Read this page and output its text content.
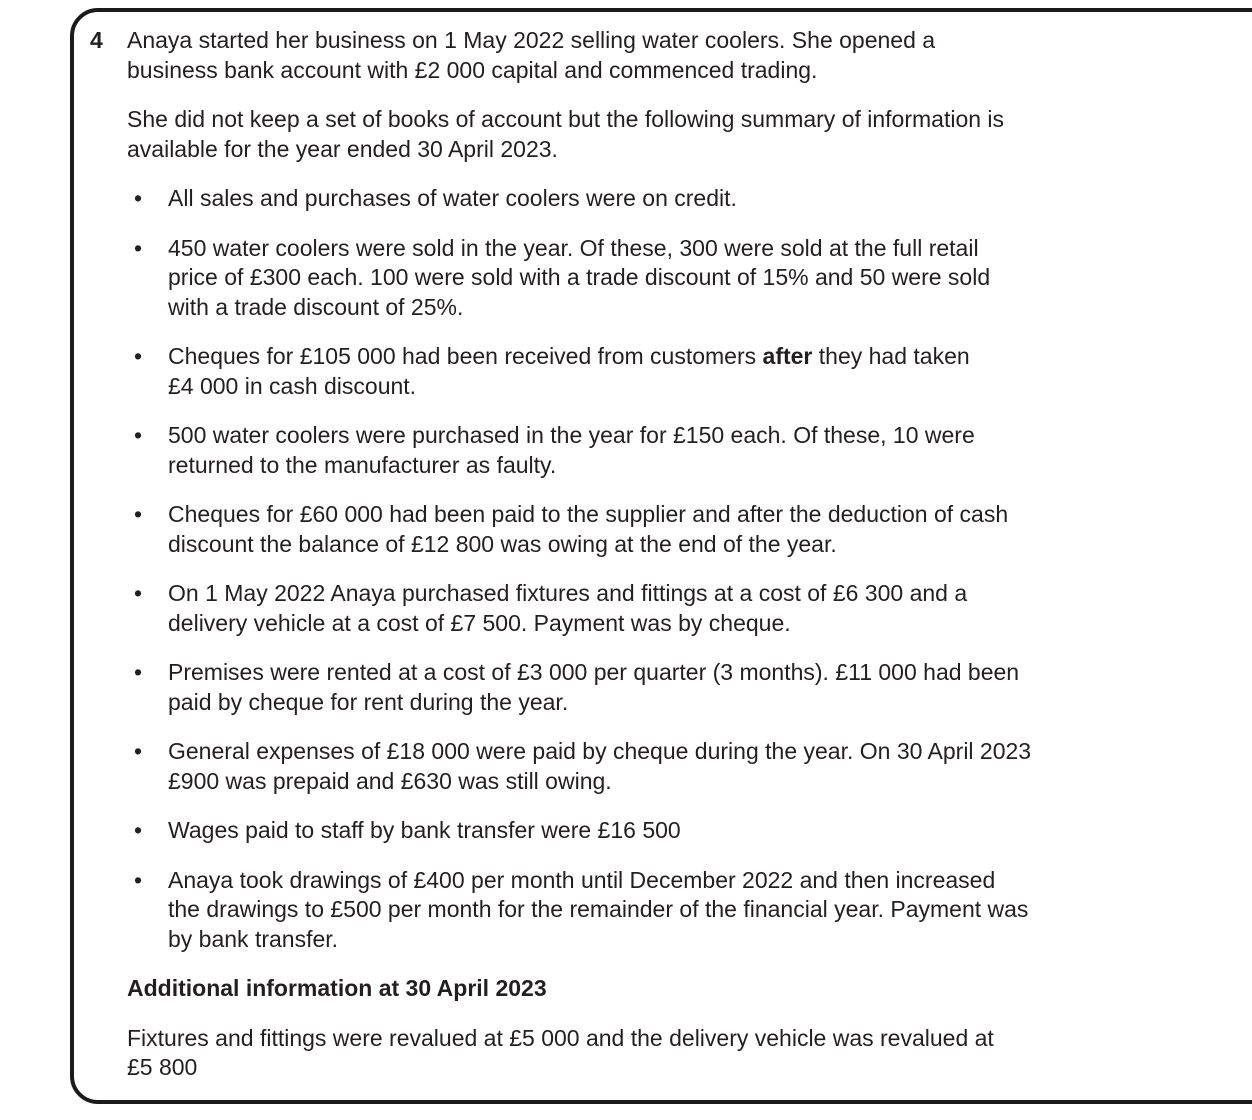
4	Anaya started her business on 1 May 2022 selling water coolers. She opened a business bank account with £2 000 capital and commenced trading.

She did not keep a set of books of account but the following summary of information is available for the year ended 30 April 2023.

•	All sales and purchases of water coolers were on credit.
•	450 water coolers were sold in the year. Of these, 300 were sold at the full retail price of £300 each. 100 were sold with a trade discount of 15% and 50 were sold with a trade discount of 25%.
•	Cheques for £105 000 had been received from customers after they had taken £4 000 in cash discount.
•	500 water coolers were purchased in the year for £150 each. Of these, 10 were returned to the manufacturer as faulty.
•	Cheques for £60 000 had been paid to the supplier and after the deduction of cash discount the balance of £12 800 was owing at the end of the year.
•	On 1 May 2022 Anaya purchased fixtures and fittings at a cost of £6 300 and a delivery vehicle at a cost of £7 500. Payment was by cheque.
•	Premises were rented at a cost of £3 000 per quarter (3 months). £11 000 had been paid by cheque for rent during the year.
•	General expenses of £18 000 were paid by cheque during the year. On 30 April 2023 £900 was prepaid and £630 was still owing.
•	Wages paid to staff by bank transfer were £16 500
•	Anaya took drawings of £400 per month until December 2022 and then increased the drawings to £500 per month for the remainder of the financial year. Payment was by bank transfer.
Additional information at 30 April 2023

Fixtures and fittings were revalued at £5 000 and the delivery vehicle was revalued at £5 800
